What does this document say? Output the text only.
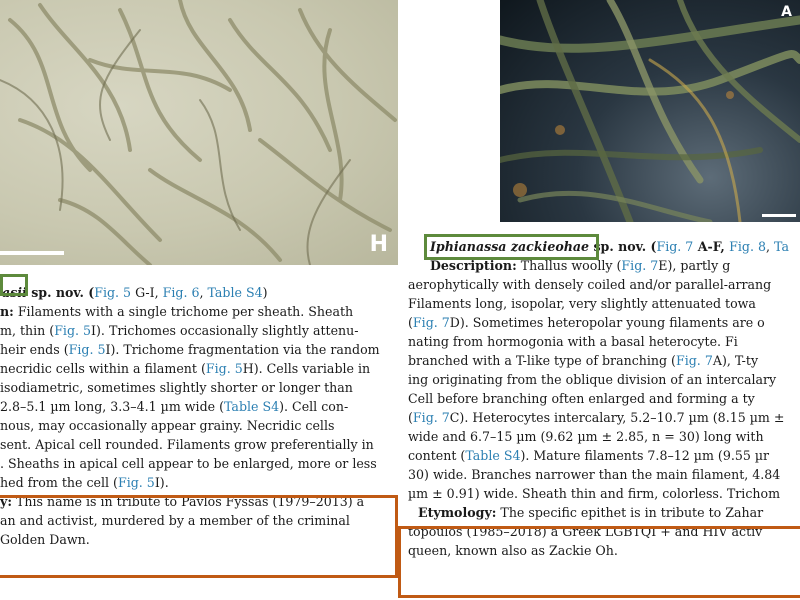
H
A
asii sp. nov. (Fig. 5 G-I, Fig. 6, Table S4)
n: Filaments with a single trichome per sheath. Sheath
m, thin (Fig. 5I). Trichomes occasionally slightly attenu-
heir ends (Fig. 5I). Trichome fragmentation via the random
necridic cells within a filament (Fig. 5H). Cells variable in
isodiametric, sometimes slightly shorter or longer than
2.8–5.1 µm long, 3.3–4.1 µm wide (Table S4). Cell con-
nous, may occasionally appear grainy. Necridic cells
sent. Apical cell rounded. Filaments grow preferentially in
. Sheaths in apical cell appear to be enlarged, more or less
hed from the cell (Fig. 5I).
y: This name is in tribute to Pavlos Fyssas (1979–2013) a
an and activist, murdered by a member of the criminal
Golden Dawn.
Iphianassa zackieohae sp. nov. (Fig. 7 A-F, Fig. 8, Ta
Description: Thallus woolly (Fig. 7E), partly g
aerophytically with densely coiled and/or parallel-arrang
Filaments long, isopolar, very slightly attenuated towa
(Fig. 7D). Sometimes heteropolar young filaments are o
nating from hormogonia with a basal heterocyte. Fi
branched with a T-like type of branching (Fig. 7A), T-ty
ing originating from the oblique division of an intercalary
Cell before branching often enlarged and forming a ty
(Fig. 7C). Heterocytes intercalary, 5.2–10.7 µm (8.15 µm ±
wide and 6.7–15 µm (9.62 µm ± 2.85, n = 30) long with
content (Table S4). Mature filaments 7.8–12 µm (9.55 µr
30) wide. Branches narrower than the main filament, 4.84
µm ± 0.91) wide. Sheath thin and firm, colorless. Trichom
Etymology: The specific epithet is in tribute to Zahar
topoulos (1985–2018) a Greek LGBTQI + and HIV activ
queen, known also as Zackie Oh.
